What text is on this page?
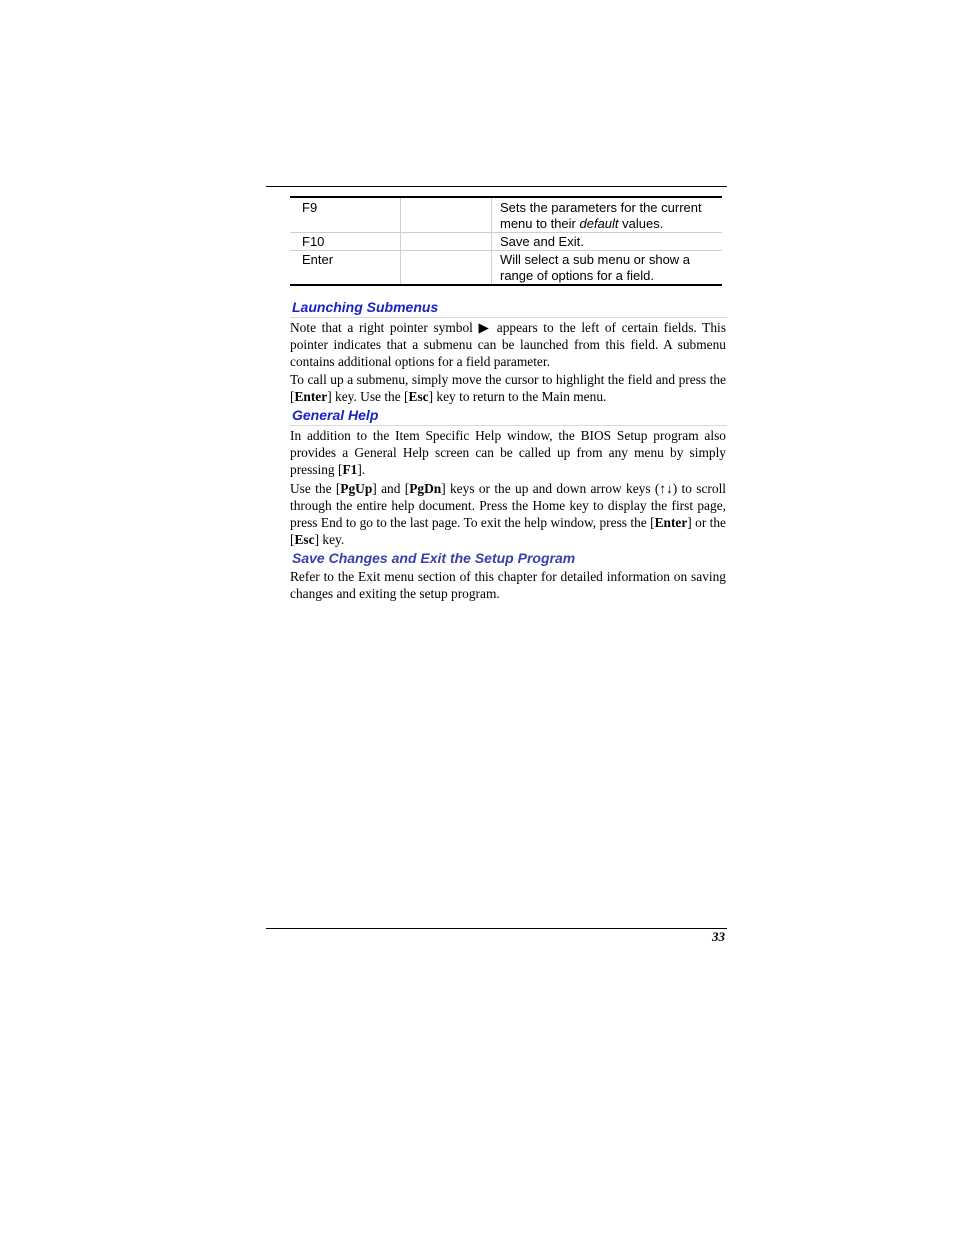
F9		Sets the parameters for the current menu to their default values.
F10		Save and Exit.
Enter		Will select a sub menu or show a range of options for a field.
Launching Submenus

Note that a right pointer symbol ▶ appears to the left of certain fields. This pointer indicates that a submenu can be launched from this field. A submenu contains additional options for a field parameter.

To call up a submenu, simply move the cursor to highlight the field and press the [Enter] key. Use the [Esc] key to return to the Main menu.

General Help

In addition to the Item Specific Help window, the BIOS Setup program also provides a General Help screen can be called up from any menu by simply pressing [F1].

Use the [PgUp] and [PgDn] keys or the up and down arrow keys (↑↓) to scroll through the entire help document. Press the Home key to display the first page, press End to go to the last page. To exit the help window, press the [Enter] or the [Esc] key.

Save Changes and Exit the Setup Program

Refer to the Exit menu section of this chapter for detailed information on saving changes and exiting the setup program.

33
